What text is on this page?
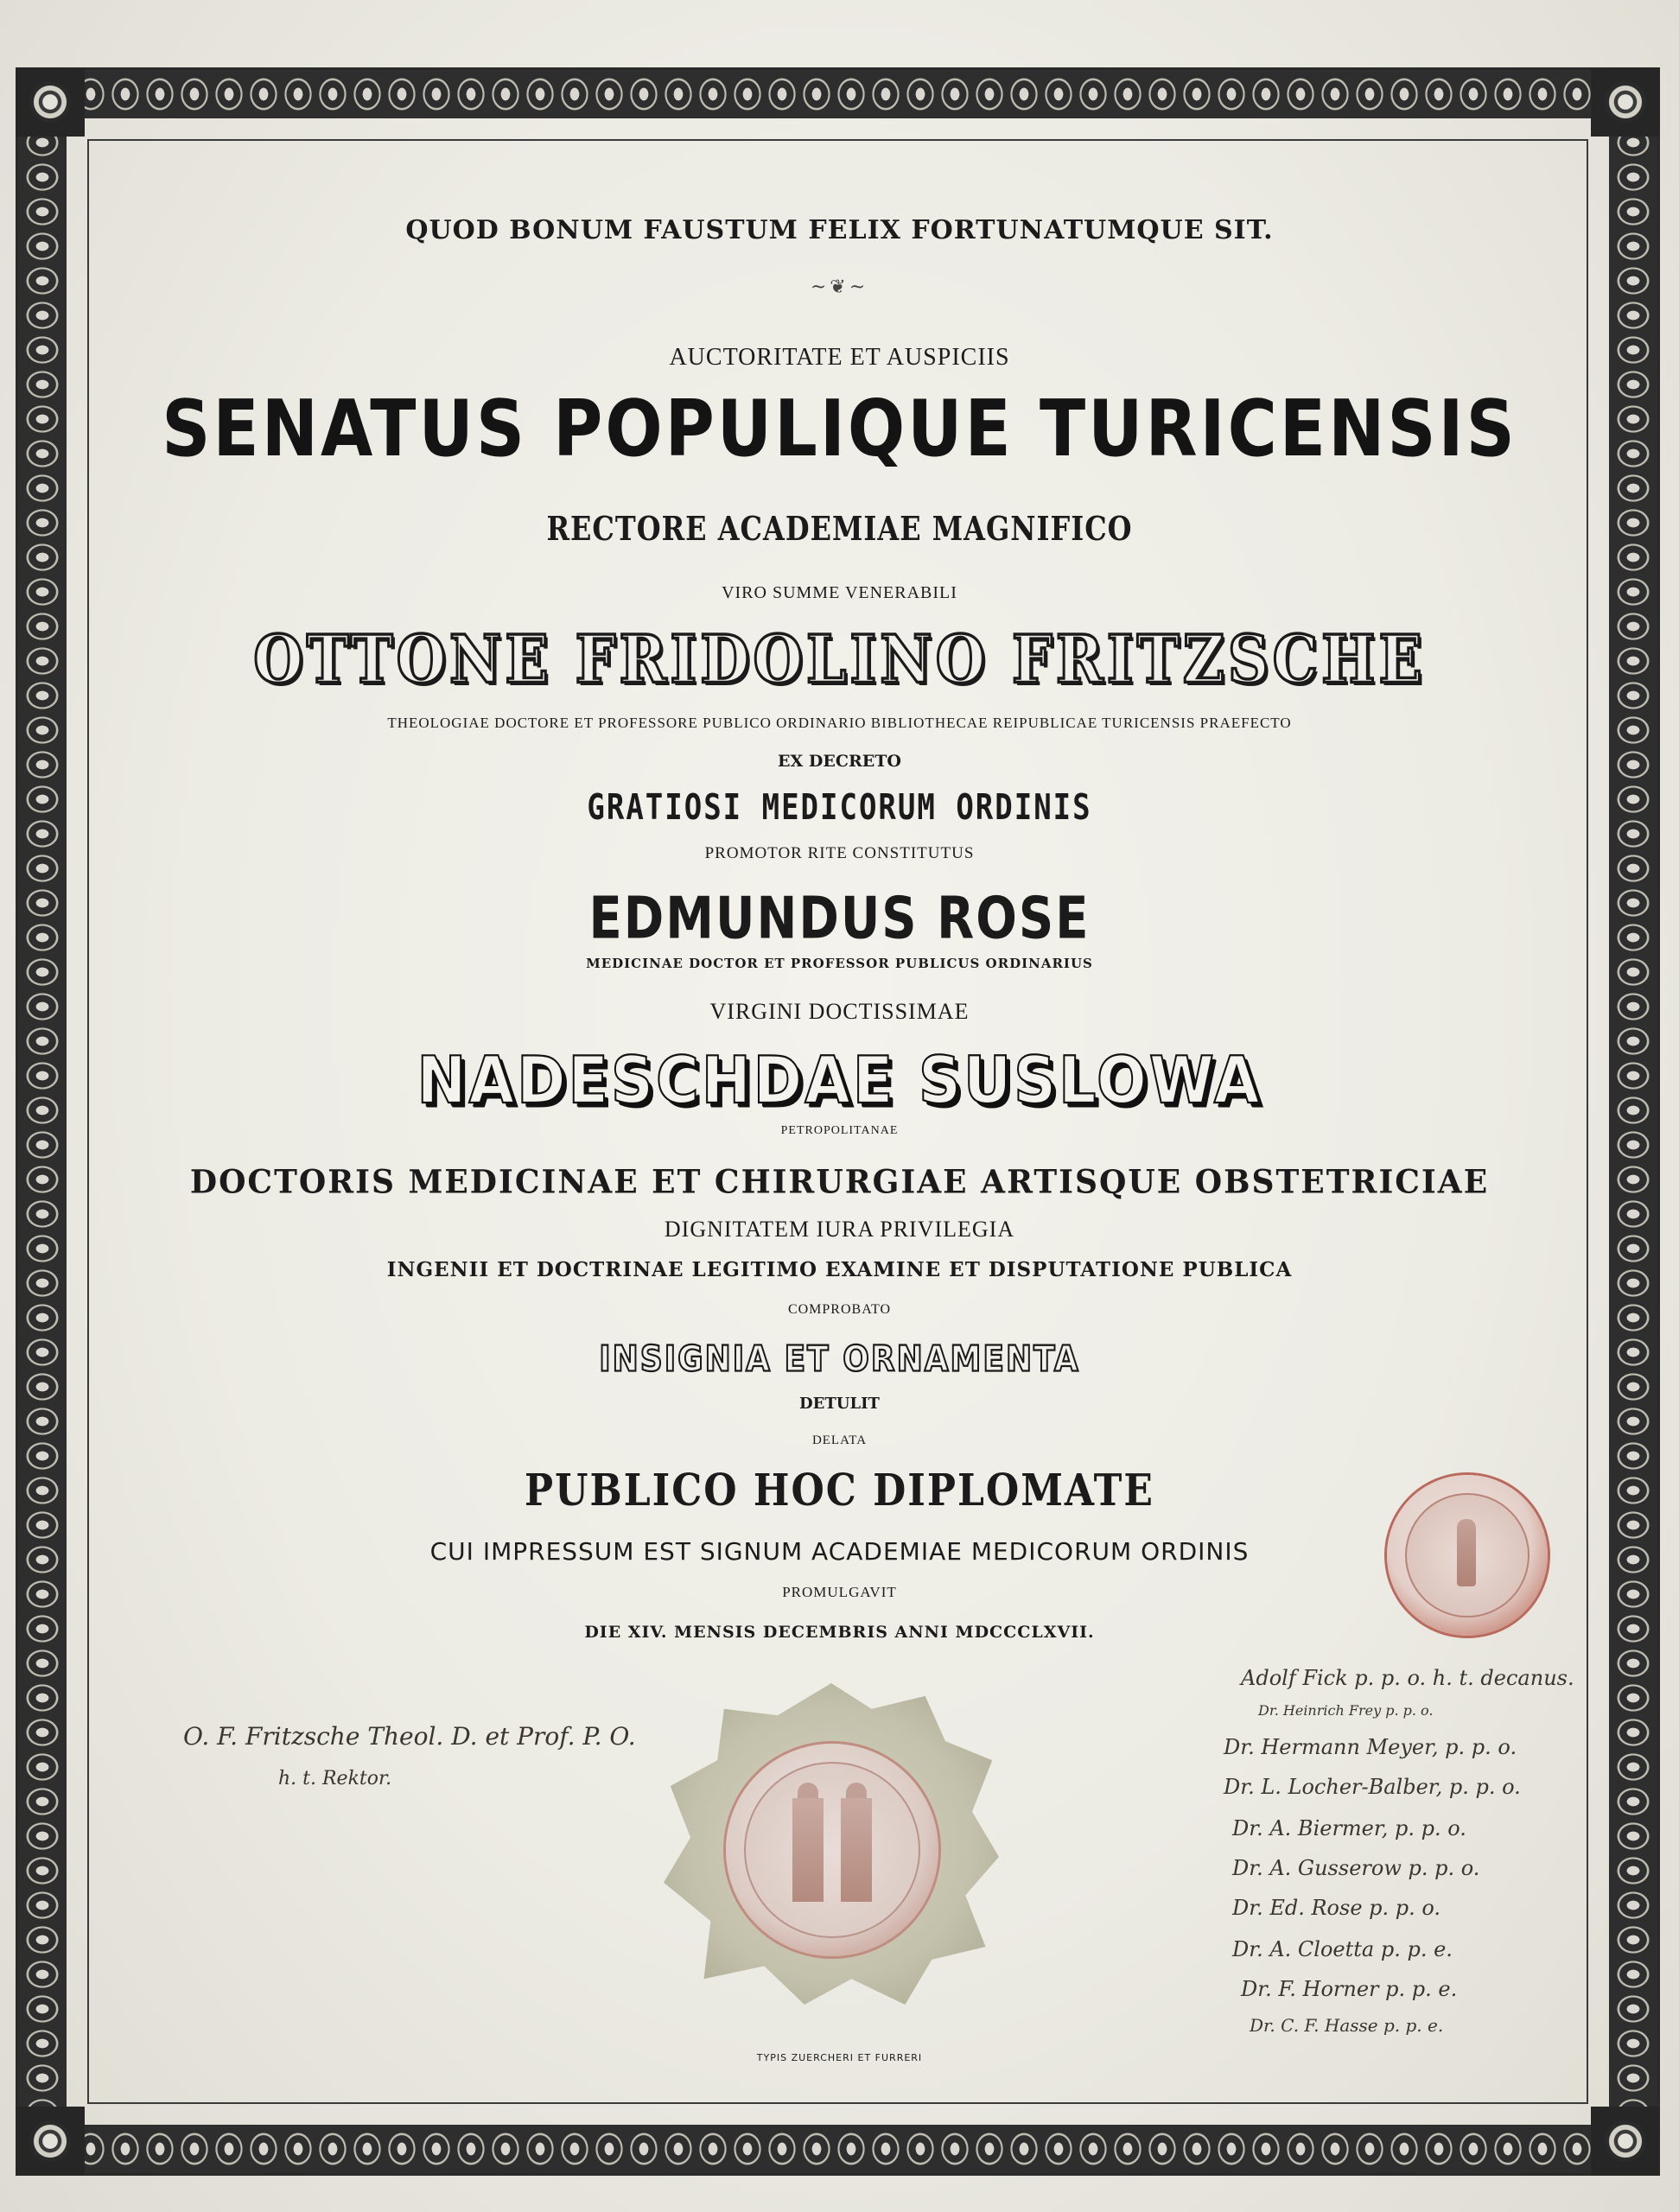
QUOD BONUM FAUSTUM FELIX FORTUNATUMQUE SIT.
~❦~
AUCTORITATE ET AUSPICIIS
SENATUS POPULIQUE TURICENSIS
RECTORE ACADEMIAE MAGNIFICO
VIRO SUMME VENERABILI
OTTONE FRIDOLINO FRITZSCHE
THEOLOGIAE DOCTORE ET PROFESSORE PUBLICO ORDINARIO BIBLIOTHECAE REIPUBLICAE TURICENSIS PRAEFECTO
EX DECRETO
GRATIOSI MEDICORUM ORDINIS
PROMOTOR RITE CONSTITUTUS
EDMUNDUS ROSE
MEDICINAE DOCTOR ET PROFESSOR PUBLICUS ORDINARIUS
VIRGINI DOCTISSIMAE
NADESCHDAE SUSLOWA
PETROPOLITANAE
DOCTORIS MEDICINAE ET CHIRURGIAE ARTISQUE OBSTETRICIAE
DIGNITATEM IURA PRIVILEGIA
INGENII ET DOCTRINAE LEGITIMO EXAMINE ET DISPUTATIONE PUBLICA
COMPROBATO
INSIGNIA ET ORNAMENTA
DETULIT
DELATA
PUBLICO HOC DIPLOMATE
CUI IMPRESSUM EST SIGNUM ACADEMIAE MEDICORUM ORDINIS
PROMULGAVIT
DIE XIV. MENSIS DECEMBRIS ANNI MDCCCLXVII.
O. F. Fritzsche Theol. D. et Prof. P. O.
h. t. Rektor.
Adolf Fick p. p. o. h. t. decanus.
Dr. Heinrich Frey p. p. o.
Dr. Hermann Meyer, p. p. o.
Dr. L. Locher-Balber, p. p. o.
Dr. A. Biermer, p. p. o.
Dr. A. Gusserow p. p. o.
Dr. Ed. Rose p. p. o.
Dr. A. Cloetta p. p. e.
Dr. F. Horner p. p. e.
Dr. C. F. Hasse p. p. e.
TYPIS ZUERCHERI ET FURRERI
